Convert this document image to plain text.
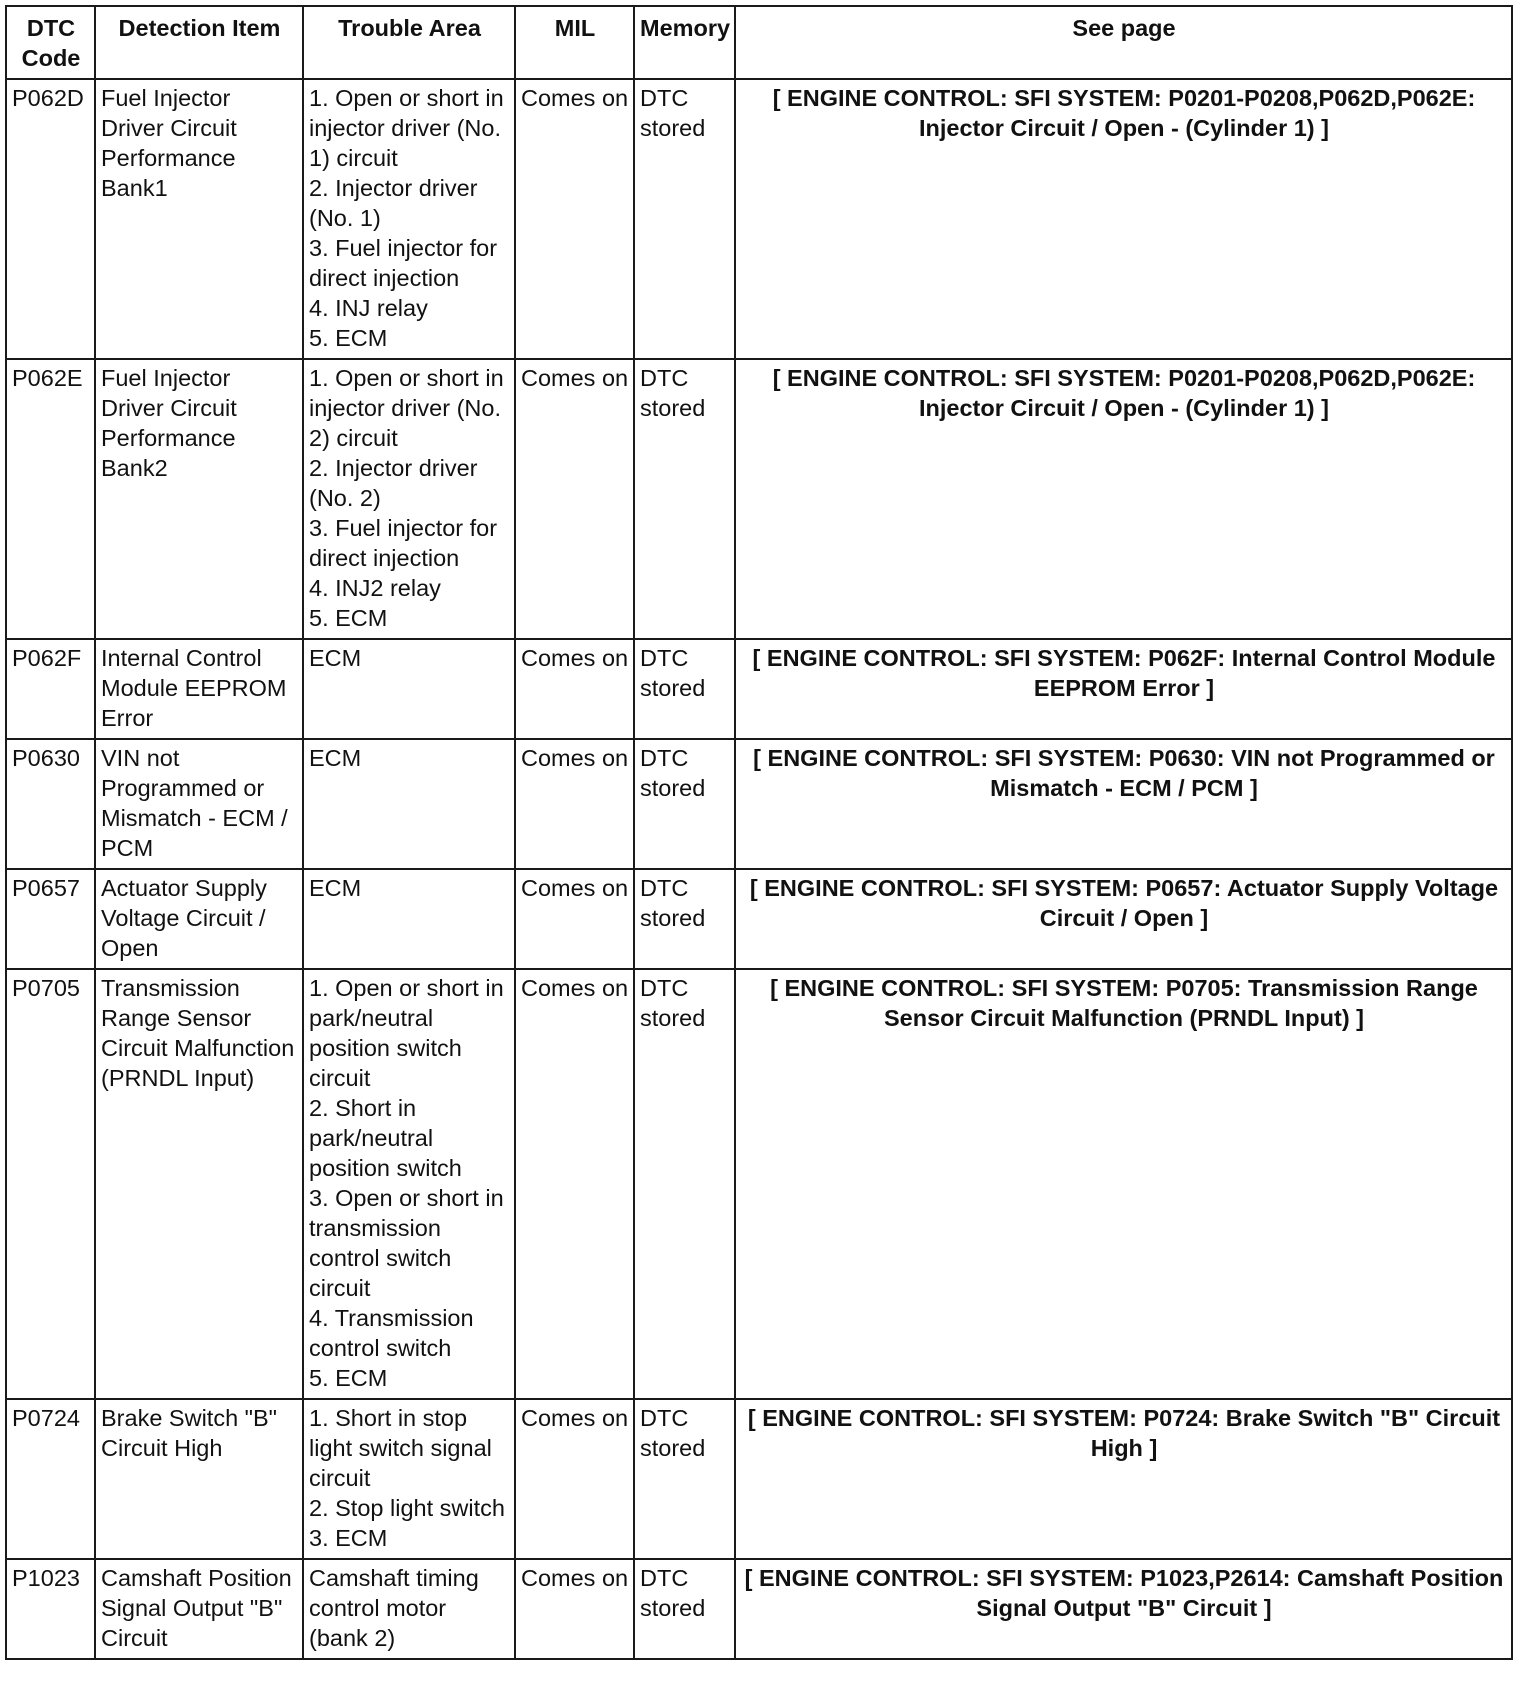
DTC Code	Detection Item	Trouble Area	MIL	Memory	See page
P062D	Fuel Injector Driver Circuit Performance Bank1	1. Open or short in injector driver (No. 1) circuit
2. Injector driver (No. 1)
3. Fuel injector for direct injection
4. INJ relay
5. ECM	Comes on	DTC stored	[ ENGINE CONTROL: SFI SYSTEM: P0201-P0208,P062D,P062E: Injector Circuit / Open - (Cylinder 1) ]
P062E	Fuel Injector Driver Circuit Performance Bank2	1. Open or short in injector driver (No. 2) circuit
2. Injector driver (No. 2)
3. Fuel injector for direct injection
4. INJ2 relay
5. ECM	Comes on	DTC stored	[ ENGINE CONTROL: SFI SYSTEM: P0201-P0208,P062D,P062E: Injector Circuit / Open - (Cylinder 1) ]
P062F	Internal Control Module EEPROM Error	ECM	Comes on	DTC stored	[ ENGINE CONTROL: SFI SYSTEM: P062F: Internal Control Module EEPROM Error ]
P0630	VIN not Programmed or Mismatch - ECM / PCM	ECM	Comes on	DTC stored	[ ENGINE CONTROL: SFI SYSTEM: P0630: VIN not Programmed or Mismatch - ECM / PCM ]
P0657	Actuator Supply Voltage Circuit / Open	ECM	Comes on	DTC stored	[ ENGINE CONTROL: SFI SYSTEM: P0657: Actuator Supply Voltage Circuit / Open ]
P0705	Transmission Range Sensor Circuit Malfunction (PRNDL Input)	1. Open or short in park/neutral position switch circuit
2. Short in park/neutral position switch
3. Open or short in transmission control switch circuit
4. Transmission control switch
5. ECM	Comes on	DTC stored	[ ENGINE CONTROL: SFI SYSTEM: P0705: Transmission Range Sensor Circuit Malfunction (PRNDL Input) ]
P0724	Brake Switch "B" Circuit High	1. Short in stop light switch signal circuit
2. Stop light switch
3. ECM	Comes on	DTC stored	[ ENGINE CONTROL: SFI SYSTEM: P0724: Brake Switch "B" Circuit High ]
P1023	Camshaft Position Signal Output "B" Circuit	Camshaft timing control motor (bank 2)	Comes on	DTC stored	[ ENGINE CONTROL: SFI SYSTEM: P1023,P2614: Camshaft Position Signal Output "B" Circuit ]
